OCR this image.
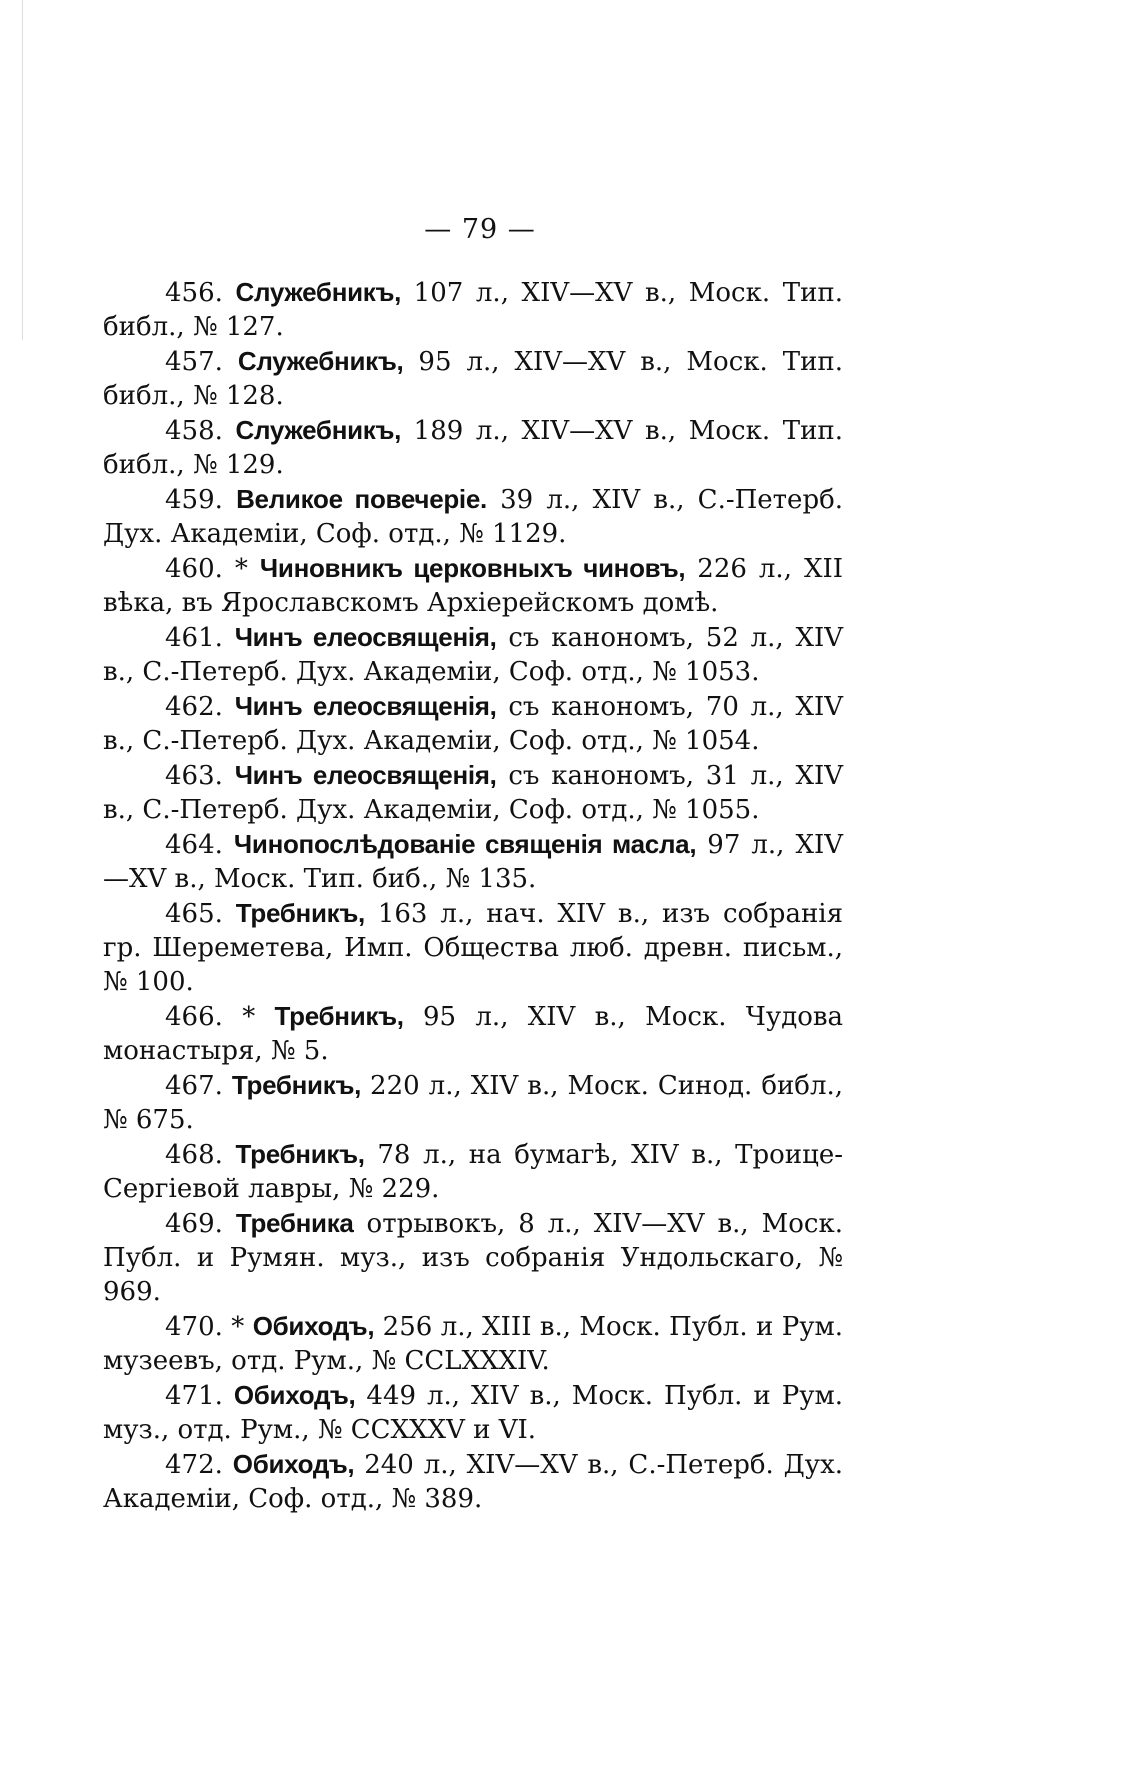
— 79 —

456. Служебникъ, 107 л., XIV—XV в., Моск. Тип. библ., № 127.

457. Служебникъ, 95 л., XIV—XV в., Моск. Тип. библ., № 128.

458. Служебникъ, 189 л., XIV—XV в., Моск. Тип. библ., № 129.

459. Великое повечеріе. 39 л., XIV в., С.-Петерб. Дух. Академіи, Соф. отд., № 1129.

460. * Чиновникъ церковныхъ чиновъ, 226 л., XII вѣка, въ Ярославскомъ Архіерейскомъ домѣ.

461. Чинъ елеосвященія, съ канономъ, 52 л., XIV в., С.-Петерб. Дух. Академіи, Соф. отд., № 1053.

462. Чинъ елеосвященія, съ канономъ, 70 л., XIV в., С.-Петерб. Дух. Академіи, Соф. отд., № 1054.

463. Чинъ елеосвященія, съ канономъ, 31 л., XIV в., С.-Петерб. Дух. Академіи, Соф. отд., № 1055.

464. Чинопослѣдованіе священія масла, 97 л., XIV—XV в., Моск. Тип. биб., № 135.

465. Требникъ, 163 л., нач. XIV в., изъ собранія гр. Шереметева, Имп. Общества люб. древн. письм., № 100.

466. * Требникъ, 95 л., XIV в., Моск. Чудова монастыря, № 5.

467. Требникъ, 220 л., XIV в., Моск. Синод. библ., № 675.

468. Требникъ, 78 л., на бумагѣ, XIV в., Троице-Сергіевой лавры, № 229.

469. Требника отрывокъ, 8 л., XIV—XV в., Моск. Публ. и Румян. муз., изъ собранія Ундольскаго, № 969.

470. * Обиходъ, 256 л., XIII в., Моск. Публ. и Рум. музеевъ, отд. Рум., № CCLXXXIV.

471. Обиходъ, 449 л., XIV в., Моск. Публ. и Рум. муз., отд. Рум., № CCXXXV и VI.

472. Обиходъ, 240 л., XIV—XV в., С.-Петерб. Дух. Академіи, Соф. отд., № 389.
